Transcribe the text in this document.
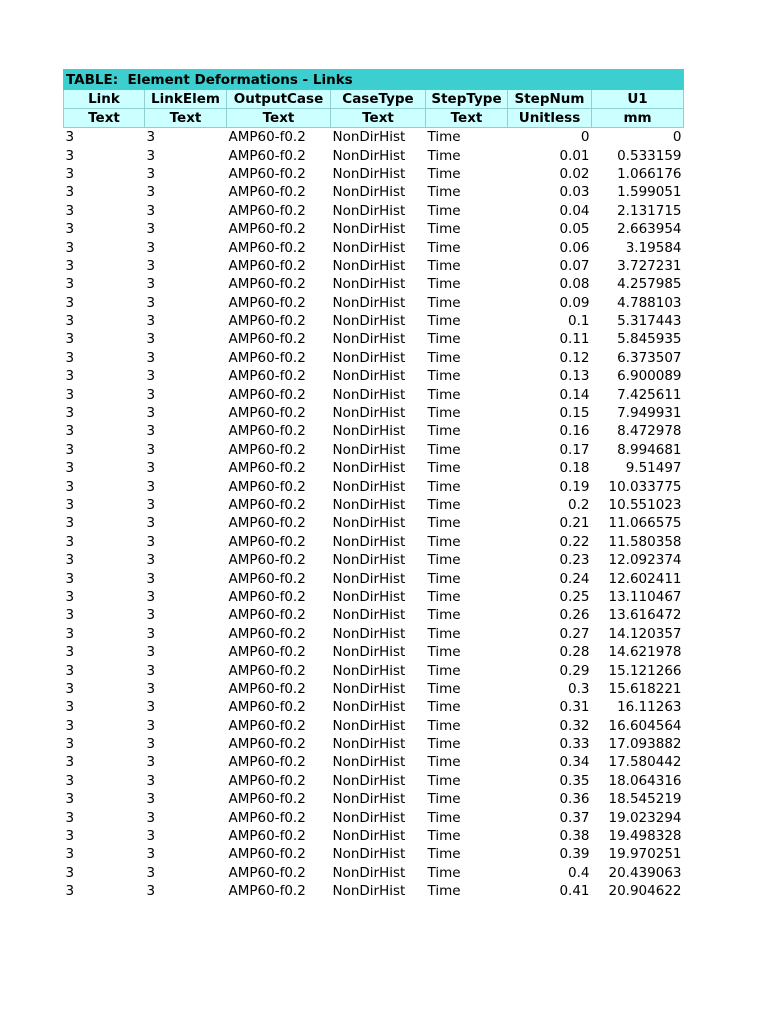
TABLE:  Element Deformations - Links						
Link	LinkElem	OutputCase	CaseType	StepType	StepNum	U1
Text	Text	Text	Text	Text	Unitless	mm
3	3	AMP60-f0.2	NonDirHist	Time	0	0
3	3	AMP60-f0.2	NonDirHist	Time	0.01	0.533159
3	3	AMP60-f0.2	NonDirHist	Time	0.02	1.066176
3	3	AMP60-f0.2	NonDirHist	Time	0.03	1.599051
3	3	AMP60-f0.2	NonDirHist	Time	0.04	2.131715
3	3	AMP60-f0.2	NonDirHist	Time	0.05	2.663954
3	3	AMP60-f0.2	NonDirHist	Time	0.06	3.19584
3	3	AMP60-f0.2	NonDirHist	Time	0.07	3.727231
3	3	AMP60-f0.2	NonDirHist	Time	0.08	4.257985
3	3	AMP60-f0.2	NonDirHist	Time	0.09	4.788103
3	3	AMP60-f0.2	NonDirHist	Time	0.1	5.317443
3	3	AMP60-f0.2	NonDirHist	Time	0.11	5.845935
3	3	AMP60-f0.2	NonDirHist	Time	0.12	6.373507
3	3	AMP60-f0.2	NonDirHist	Time	0.13	6.900089
3	3	AMP60-f0.2	NonDirHist	Time	0.14	7.425611
3	3	AMP60-f0.2	NonDirHist	Time	0.15	7.949931
3	3	AMP60-f0.2	NonDirHist	Time	0.16	8.472978
3	3	AMP60-f0.2	NonDirHist	Time	0.17	8.994681
3	3	AMP60-f0.2	NonDirHist	Time	0.18	9.51497
3	3	AMP60-f0.2	NonDirHist	Time	0.19	10.033775
3	3	AMP60-f0.2	NonDirHist	Time	0.2	10.551023
3	3	AMP60-f0.2	NonDirHist	Time	0.21	11.066575
3	3	AMP60-f0.2	NonDirHist	Time	0.22	11.580358
3	3	AMP60-f0.2	NonDirHist	Time	0.23	12.092374
3	3	AMP60-f0.2	NonDirHist	Time	0.24	12.602411
3	3	AMP60-f0.2	NonDirHist	Time	0.25	13.110467
3	3	AMP60-f0.2	NonDirHist	Time	0.26	13.616472
3	3	AMP60-f0.2	NonDirHist	Time	0.27	14.120357
3	3	AMP60-f0.2	NonDirHist	Time	0.28	14.621978
3	3	AMP60-f0.2	NonDirHist	Time	0.29	15.121266
3	3	AMP60-f0.2	NonDirHist	Time	0.3	15.618221
3	3	AMP60-f0.2	NonDirHist	Time	0.31	16.11263
3	3	AMP60-f0.2	NonDirHist	Time	0.32	16.604564
3	3	AMP60-f0.2	NonDirHist	Time	0.33	17.093882
3	3	AMP60-f0.2	NonDirHist	Time	0.34	17.580442
3	3	AMP60-f0.2	NonDirHist	Time	0.35	18.064316
3	3	AMP60-f0.2	NonDirHist	Time	0.36	18.545219
3	3	AMP60-f0.2	NonDirHist	Time	0.37	19.023294
3	3	AMP60-f0.2	NonDirHist	Time	0.38	19.498328
3	3	AMP60-f0.2	NonDirHist	Time	0.39	19.970251
3	3	AMP60-f0.2	NonDirHist	Time	0.4	20.439063
3	3	AMP60-f0.2	NonDirHist	Time	0.41	20.904622
